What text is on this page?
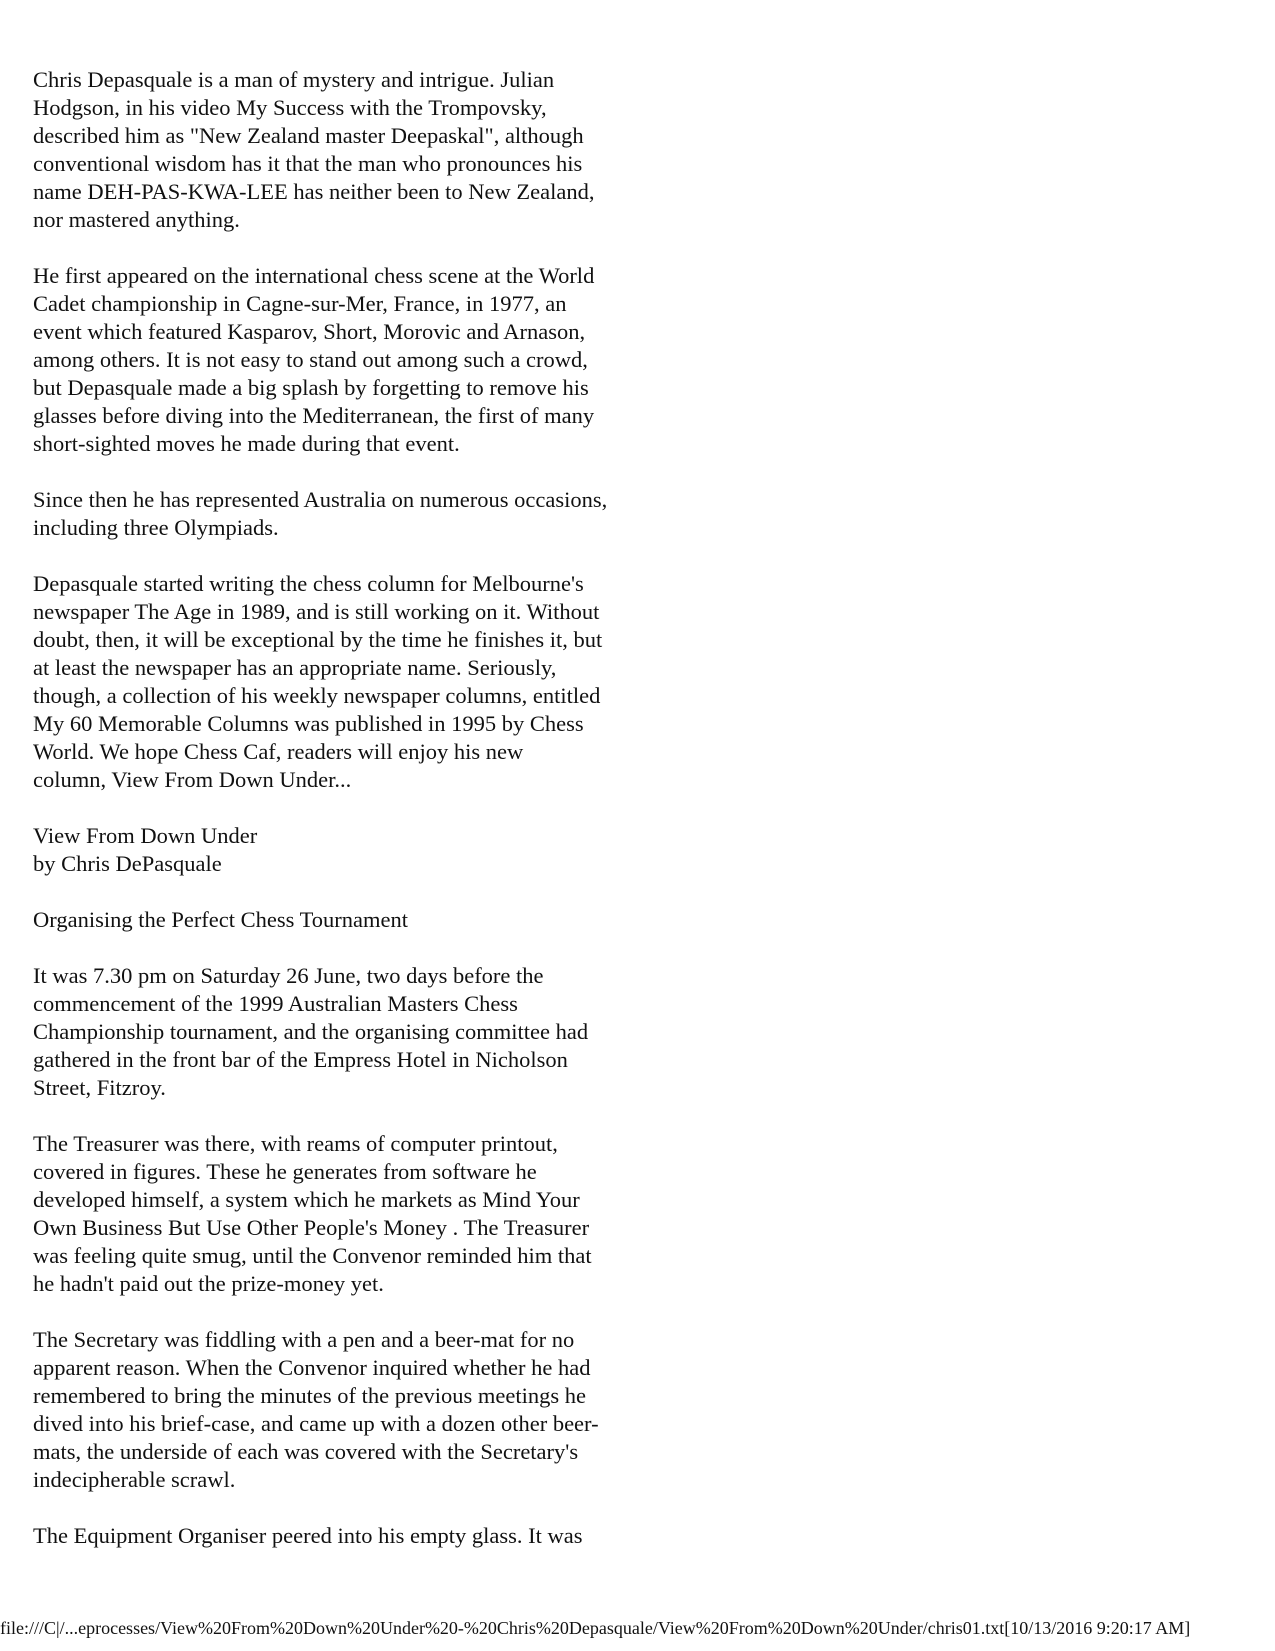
Chris Depasquale is a man of mystery and intrigue. Julian
Hodgson, in his video My Success with the Trompovsky,
described him as "New Zealand master Deepaskal", although
conventional wisdom has it that the man who pronounces his
name DEH-PAS-KWA-LEE has neither been to New Zealand,
nor mastered anything.

He first appeared on the international chess scene at the World
Cadet championship in Cagne-sur-Mer, France, in 1977, an
event which featured Kasparov, Short, Morovic and Arnason,
among others. It is not easy to stand out among such a crowd,
but Depasquale made a big splash by forgetting to remove his
glasses before diving into the Mediterranean, the first of many
short-sighted moves he made during that event.

Since then he has represented Australia on numerous occasions,
including three Olympiads.

Depasquale started writing the chess column for Melbourne's
newspaper The Age in 1989, and is still working on it. Without
doubt, then, it will be exceptional by the time he finishes it, but
at least the newspaper has an appropriate name. Seriously,
though, a collection of his weekly newspaper columns, entitled
My 60 Memorable Columns was published in 1995 by Chess
World. We hope Chess Caf, readers will enjoy his new
column, View From Down Under...

View From Down Under
by Chris DePasquale

Organising the Perfect Chess Tournament

It was 7.30 pm on Saturday 26 June, two days before the
commencement of the 1999 Australian Masters Chess
Championship tournament, and the organising committee had
gathered in the front bar of the Empress Hotel in Nicholson
Street, Fitzroy.

The Treasurer was there, with reams of computer printout,
covered in figures. These he generates from software he
developed himself, a system which he markets as Mind Your
Own Business But Use Other People's Money . The Treasurer
was feeling quite smug, until the Convenor reminded him that
he hadn't paid out the prize-money yet.

The Secretary was fiddling with a pen and a beer-mat for no
apparent reason. When the Convenor inquired whether he had
remembered to bring the minutes of the previous meetings he
dived into his brief-case, and came up with a dozen other beer-
mats, the underside of each was covered with the Secretary's
indecipherable scrawl.

The Equipment Organiser peered into his empty glass. It was

file:///C|/...eprocesses/View%20From%20Down%20Under%20-%20Chris%20Depasquale/View%20From%20Down%20Under/chris01.txt[10/13/2016 9:20:17 AM]
